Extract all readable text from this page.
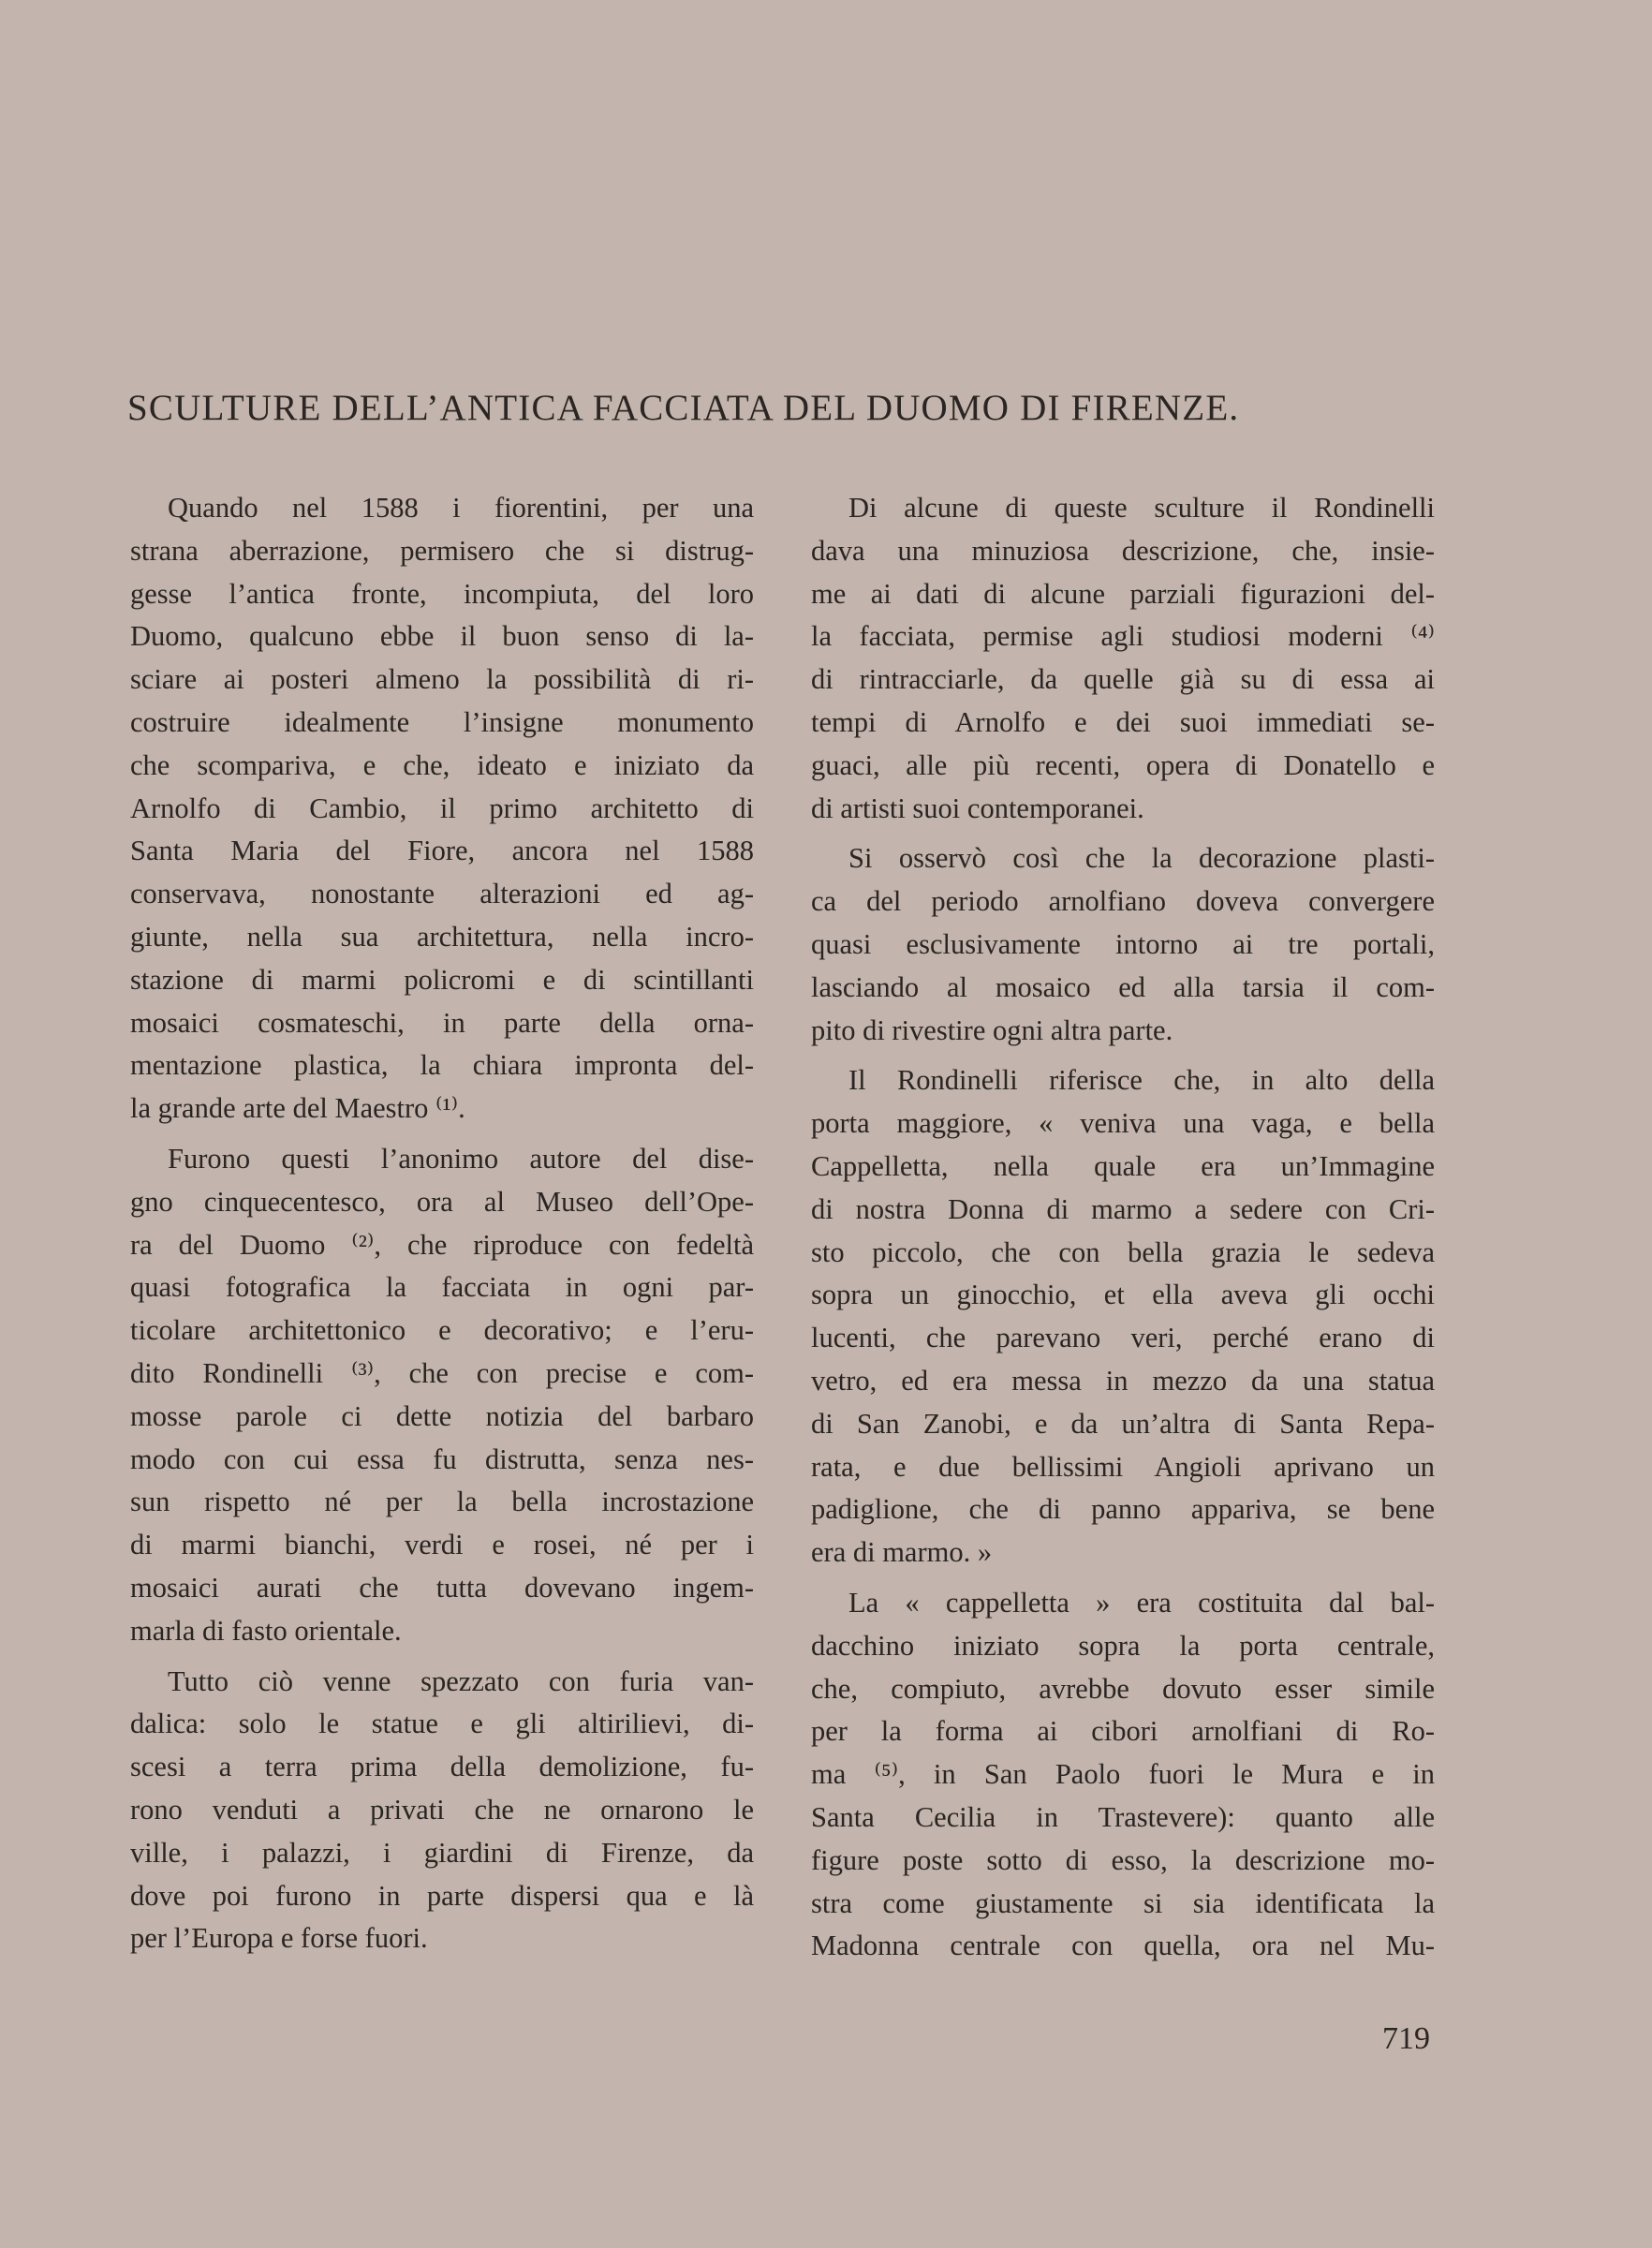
SCULTURE DELL’ANTICA FACCIATA DEL DUOMO DI FIRENZE.
Quando nel 1588 i fiorentini, per una
strana aberrazione, permisero che si distrug-
gesse l’antica fronte, incompiuta, del loro
Duomo, qualcuno ebbe il buon senso di la-
sciare ai posteri almeno la possibilità di ri-
costruire idealmente l’insigne monumento
che scompariva, e che, ideato e iniziato da
Arnolfo di Cambio, il primo architetto di
Santa Maria del Fiore, ancora nel 1588
conservava, nonostante alterazioni ed ag-
giunte, nella sua architettura, nella incro-
stazione di marmi policromi e di scintillanti
mosaici cosmateschi, in parte della orna-
mentazione plastica, la chiara impronta del-
la grande arte del Maestro ⁽¹⁾.
Furono questi l’anonimo autore del dise-
gno cinquecentesco, ora al Museo dell’Ope-
ra del Duomo ⁽²⁾, che riproduce con fedeltà
quasi fotografica la facciata in ogni par-
ticolare architettonico e decorativo; e l’eru-
dito Rondinelli ⁽³⁾, che con precise e com-
mosse parole ci dette notizia del barbaro
modo con cui essa fu distrutta, senza nes-
sun rispetto né per la bella incrostazione
di marmi bianchi, verdi e rosei, né per i
mosaici aurati che tutta dovevano ingem-
marla di fasto orientale.
Tutto ciò venne spezzato con furia van-
dalica: solo le statue e gli altirilievi, di-
scesi a terra prima della demolizione, fu-
rono venduti a privati che ne ornarono le
ville, i palazzi, i giardini di Firenze, da
dove poi furono in parte dispersi qua e là
per l’Europa e forse fuori.
Di alcune di queste sculture il Rondinelli
dava una minuziosa descrizione, che, insie-
me ai dati di alcune parziali figurazioni del-
la facciata, permise agli studiosi moderni ⁽⁴⁾
di rintracciarle, da quelle già su di essa ai
tempi di Arnolfo e dei suoi immediati se-
guaci, alle più recenti, opera di Donatello e
di artisti suoi contemporanei.
Si osservò così che la decorazione plasti-
ca del periodo arnolfiano doveva convergere
quasi esclusivamente intorno ai tre portali,
lasciando al mosaico ed alla tarsia il com-
pito di rivestire ogni altra parte.
Il Rondinelli riferisce che, in alto della
porta maggiore, « veniva una vaga, e bella
Cappelletta, nella quale era un’Immagine
di nostra Donna di marmo a sedere con Cri-
sto piccolo, che con bella grazia le sedeva
sopra un ginocchio, et ella aveva gli occhi
lucenti, che parevano veri, perché erano di
vetro, ed era messa in mezzo da una statua
di San Zanobi, e da un’altra di Santa Repa-
rata, e due bellissimi Angioli aprivano un
padiglione, che di panno appariva, se bene
era di marmo. »
La « cappelletta » era costituita dal bal-
dacchino iniziato sopra la porta centrale,
che, compiuto, avrebbe dovuto esser simile
per la forma ai cibori arnolfiani di Ro-
ma ⁽⁵⁾, in San Paolo fuori le Mura e in
Santa Cecilia in Trastevere): quanto alle
figure poste sotto di esso, la descrizione mo-
stra come giustamente si sia identificata la
Madonna centrale con quella, ora nel Mu-
719
